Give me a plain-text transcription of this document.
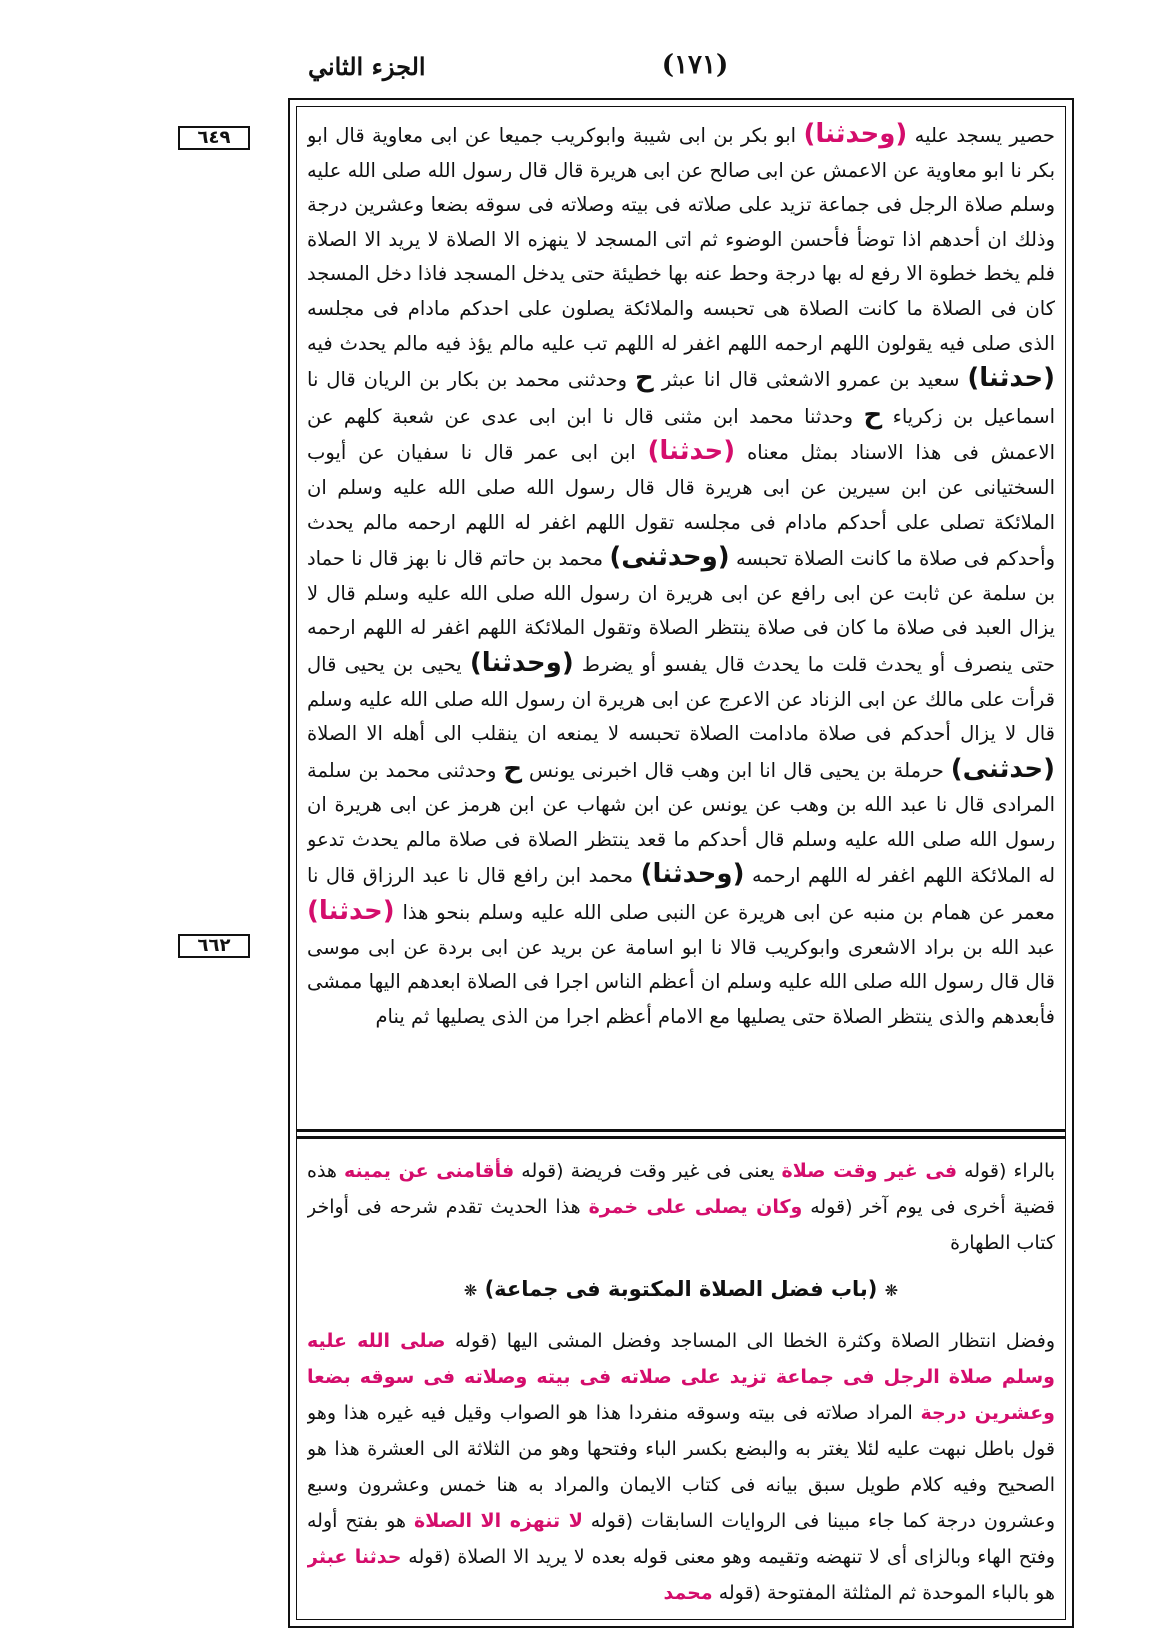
(١٧١)
الجزء الثاني
٦٤٩
٦٦٢

حصير يسجد عليه (وحدثنا) ابو بكر بن ابى شيبة وابوكريب جميعا عن ابى معاوية قال ابو بكر نا ابو معاوية عن الاعمش عن ابى صالح عن ابى هريرة قال قال رسول الله صلى الله عليه وسلم صلاة الرجل فى جماعة تزيد على صلاته فى بيته وصلاته فى سوقه بضعا وعشرين درجة وذلك ان أحدهم اذا توضأ فأحسن الوضوء ثم اتى المسجد لا ينهزه الا الصلاة لا يريد الا الصلاة فلم يخط خطوة الا رفع له بها درجة وحط عنه بها خطيئة حتى يدخل المسجد فاذا دخل المسجد كان فى الصلاة ما كانت الصلاة هى تحبسه والملائكة يصلون على احدكم مادام فى مجلسه الذى صلى فيه يقولون اللهم ارحمه اللهم اغفر له اللهم تب عليه مالم يؤذ فيه مالم يحدث فيه (حدثنا) سعيد بن عمرو الاشعثى قال انا عبثر ح وحدثنى محمد بن بكار بن الريان قال نا اسماعيل بن زكرياء ح وحدثنا محمد ابن مثنى قال نا ابن ابى عدى عن شعبة كلهم عن الاعمش فى هذا الاسناد بمثل معناه (حدثنا) ابن ابى عمر قال نا سفيان عن أيوب السختيانى عن ابن سيرين عن ابى هريرة قال قال رسول الله صلى الله عليه وسلم ان الملائكة تصلى على أحدكم مادام فى مجلسه تقول اللهم اغفر له اللهم ارحمه مالم يحدث وأحدكم فى صلاة ما كانت الصلاة تحبسه (وحدثنى) محمد بن حاتم قال نا بهز قال نا حماد بن سلمة عن ثابت عن ابى رافع عن ابى هريرة ان رسول الله صلى الله عليه وسلم قال لا يزال العبد فى صلاة ما كان فى صلاة ينتظر الصلاة وتقول الملائكة اللهم اغفر له اللهم ارحمه حتى ينصرف أو يحدث قلت ما يحدث قال يفسو أو يضرط (وحدثنا) يحيى بن يحيى قال قرأت على مالك عن ابى الزناد عن الاعرج عن ابى هريرة ان رسول الله صلى الله عليه وسلم قال لا يزال أحدكم فى صلاة مادامت الصلاة تحبسه لا يمنعه ان ينقلب الى أهله الا الصلاة (حدثنى) حرملة بن يحيى قال انا ابن وهب قال اخبرنى يونس ح وحدثنى محمد بن سلمة المرادى قال نا عبد الله بن وهب عن يونس عن ابن شهاب عن ابن هرمز عن ابى هريرة ان رسول الله صلى الله عليه وسلم قال أحدكم ما قعد ينتظر الصلاة فى صلاة مالم يحدث تدعو له الملائكة اللهم اغفر له اللهم ارحمه (وحدثنا) محمد ابن رافع قال نا عبد الرزاق قال نا معمر عن همام بن منبه عن ابى هريرة عن النبى صلى الله عليه وسلم بنحو هذا (حدثنا) عبد الله بن براد الاشعرى وابوكريب قالا نا ابو اسامة عن بريد عن ابى بردة عن ابى موسى قال قال رسول الله صلى الله عليه وسلم ان أعظم الناس اجرا فى الصلاة ابعدهم اليها ممشى فأبعدهم والذى ينتظر الصلاة حتى يصليها مع الامام أعظم اجرا من الذى يصليها ثم ينام

بالراء (قوله فى غير وقت صلاة يعنى فى غير وقت فريضة (قوله فأقامنى عن يمينه هذه قضية أخرى فى يوم آخر (قوله وكان يصلى على خمرة هذا الحديث تقدم شرحه فى أواخر كتاب الطهارة

❋ (باب فضل الصلاة المكتوبة فى جماعة) ❋

وفضل انتظار الصلاة وكثرة الخطا الى المساجد وفضل المشى اليها (قوله صلى الله عليه وسلم صلاة الرجل فى جماعة تزيد على صلاته فى بيته وصلاته فى سوقه بضعا وعشرين درجة المراد صلاته فى بيته وسوقه منفردا هذا هو الصواب وقيل فيه غيره هذا وهو قول باطل نبهت عليه لئلا يغتر به والبضع بكسر الباء وفتحها وهو من الثلاثة الى العشرة هذا هو الصحيح وفيه كلام طويل سبق بيانه فى كتاب الايمان والمراد به هنا خمس وعشرون وسبع وعشرون درجة كما جاء مبينا فى الروايات السابقات (قوله لا تنهزه الا الصلاة هو بفتح أوله وفتح الهاء وبالزاى أى لا تنهضه وتقيمه وهو معنى قوله بعده لا يريد الا الصلاة (قوله حدثنا عبثر هو بالباء الموحدة ثم المثلثة المفتوحة (قوله محمد
